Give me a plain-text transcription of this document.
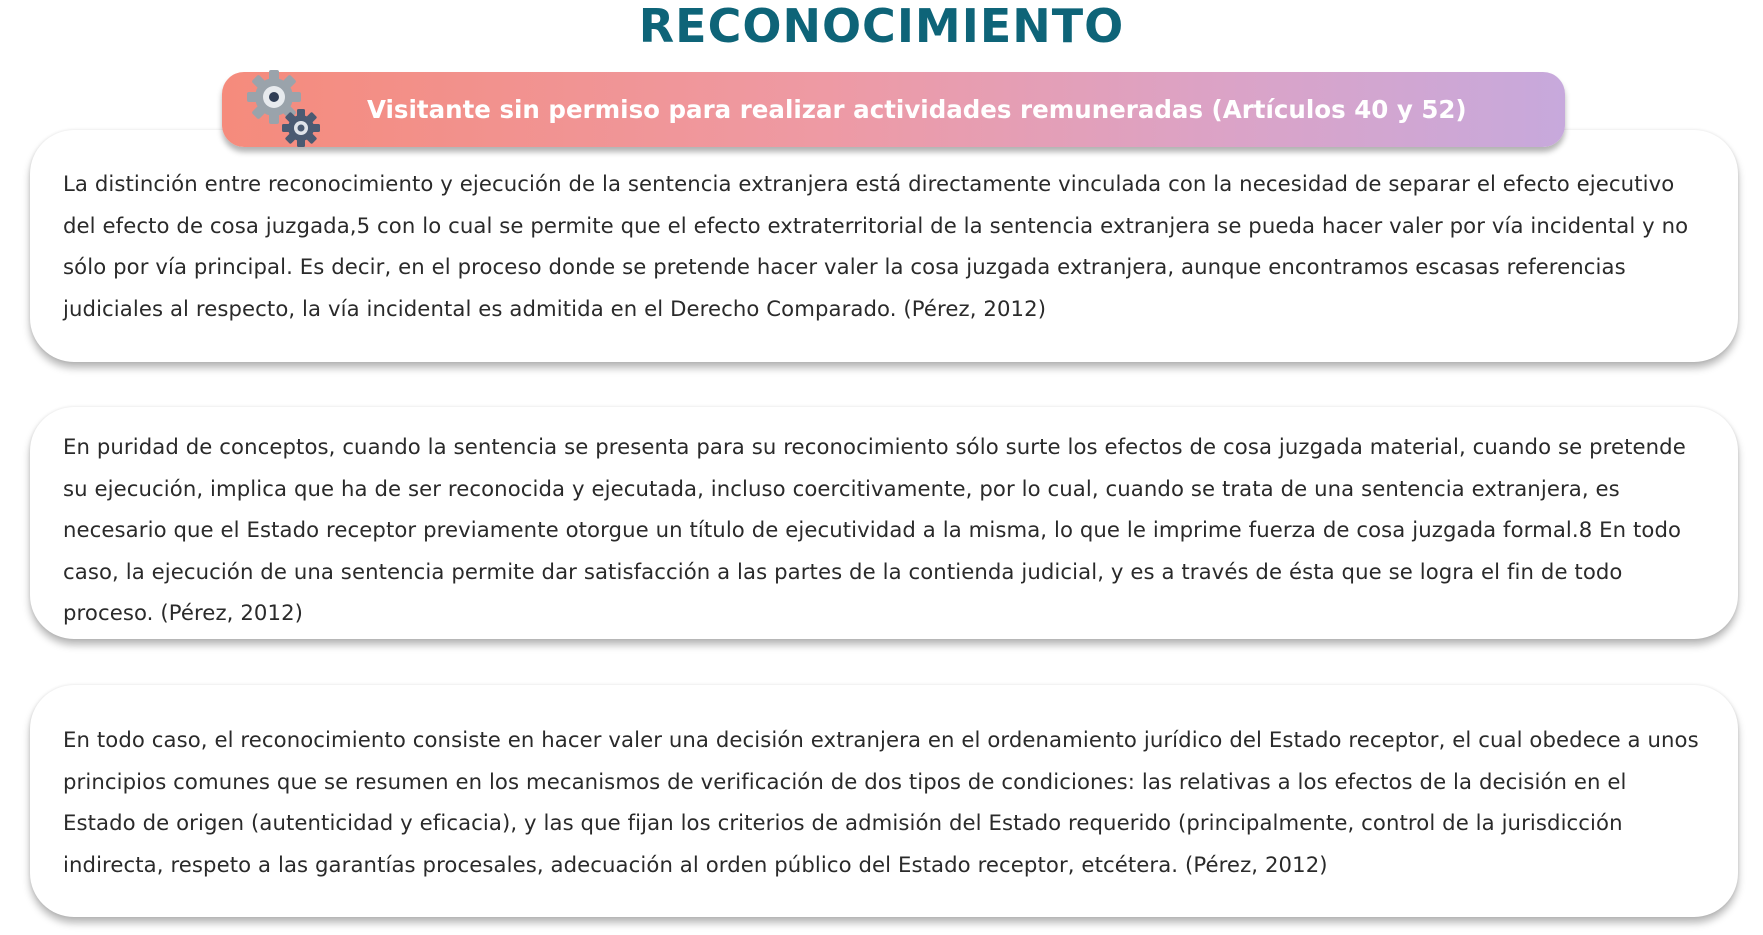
RECONOCIMIENTO

La distinción entre reconocimiento y ejecución de la sentencia extranjera está directamente vinculada con la necesidad de separar el efecto ejecutivo del efecto de cosa juzgada,5 con lo cual se permite que el efecto extraterritorial de la sentencia extranjera se pueda hacer valer por vía incidental y no sólo por vía principal. Es decir, en el proceso donde se pretende hacer valer la cosa juzgada extranjera, aunque encontramos escasas referencias judiciales al respecto, la vía incidental es admitida en el Derecho Comparado. (Pérez, 2012)

En puridad de conceptos, cuando la sentencia se presenta para su reconocimiento sólo surte los efectos de cosa juzgada material, cuando se pretende su ejecución, implica que ha de ser reconocida y ejecutada, incluso coercitivamente, por lo cual, cuando se trata de una sentencia extranjera, es necesario que el Estado receptor previamente otorgue un título de ejecutividad a la misma, lo que le imprime fuerza de cosa juzgada formal.8 En todo caso, la ejecución de una sentencia permite dar satisfacción a las partes de la contienda judicial, y es a través de ésta que se logra el fin de todo proceso. (Pérez, 2012)

En todo caso, el reconocimiento consiste en hacer valer una decisión extranjera en el ordenamiento jurídico del Estado receptor, el cual obedece a unos principios comunes que se resumen en los mecanismos de verificación de dos tipos de condiciones: las relativas a los efectos de la decisión en el Estado de origen (autenticidad y eficacia), y las que fijan los criterios de admisión del Estado requerido (principalmente, control de la jurisdicción indirecta, respeto a las garantías procesales, adecuación al orden público del Estado receptor, etcétera. (Pérez, 2012)

Visitante sin permiso para realizar actividades remuneradas (Artículos 40 y 52)
